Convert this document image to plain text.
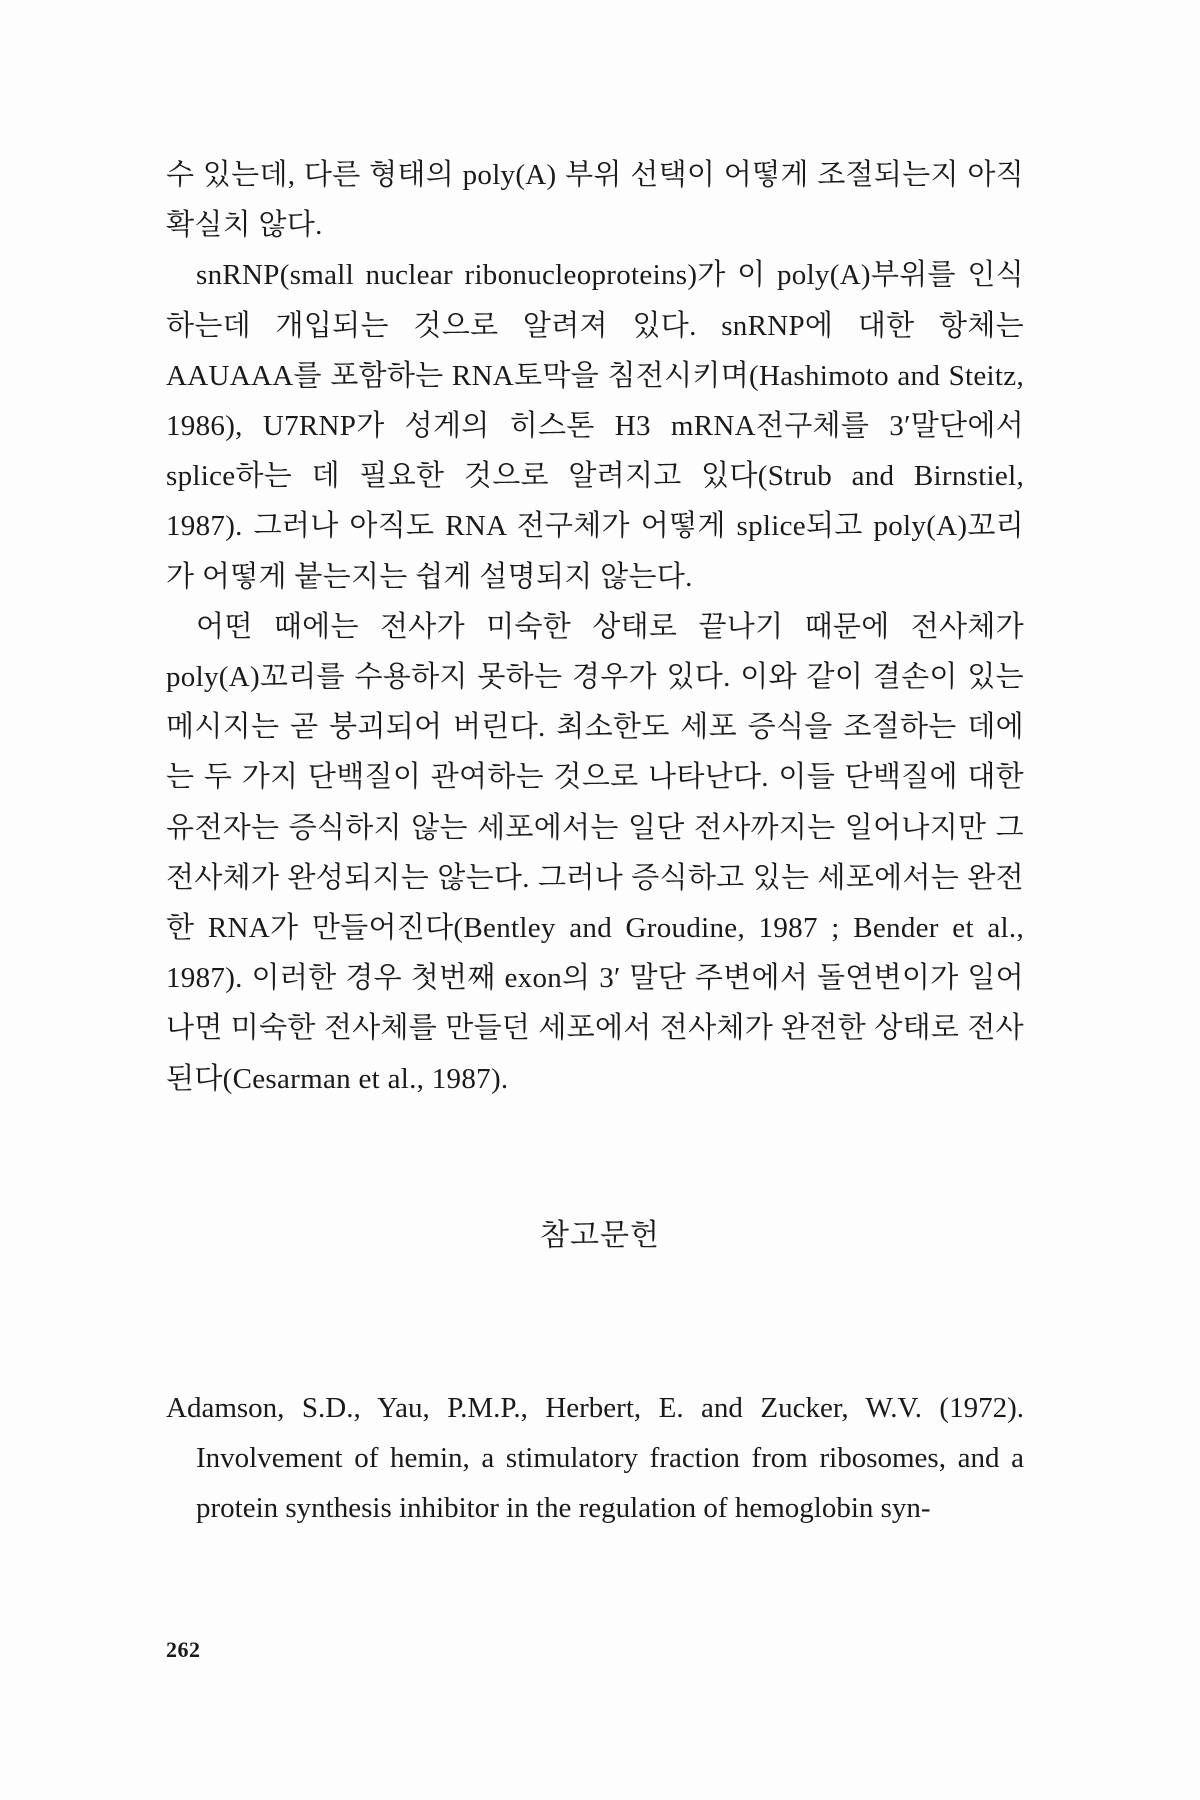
수 있는데, 다른 형태의 poly(A) 부위 선택이 어떻게 조절되는지 아직 확실치 않다.

snRNP(small nuclear ribonucleoproteins)가 이 poly(A)부위를 인식하는데 개입되는 것으로 알려져 있다. snRNP에 대한 항체는 AAUAAA를 포함하는 RNA토막을 침전시키며(Hashimoto and Steitz, 1986), U7RNP가 성게의 히스톤 H3 mRNA전구체를 3′말단에서 splice하는 데 필요한 것으로 알려지고 있다(Strub and Birnstiel, 1987). 그러나 아직도 RNA 전구체가 어떻게 splice되고 poly(A)꼬리가 어떻게 붙는지는 쉽게 설명되지 않는다.

어떤 때에는 전사가 미숙한 상태로 끝나기 때문에 전사체가 poly(A)꼬리를 수용하지 못하는 경우가 있다. 이와 같이 결손이 있는 메시지는 곧 붕괴되어 버린다. 최소한도 세포 증식을 조절하는 데에는 두 가지 단백질이 관여하는 것으로 나타난다. 이들 단백질에 대한 유전자는 증식하지 않는 세포에서는 일단 전사까지는 일어나지만 그 전사체가 완성되지는 않는다. 그러나 증식하고 있는 세포에서는 완전한 RNA가 만들어진다(Bentley and Groudine, 1987 ; Bender et al., 1987). 이러한 경우 첫번째 exon의 3′ 말단 주변에서 돌연변이가 일어나면 미숙한 전사체를 만들던 세포에서 전사체가 완전한 상태로 전사된다(Cesarman et al., 1987).

참고문헌

Adamson, S.D., Yau, P.M.P., Herbert, E. and Zucker, W.V. (1972). Involvement of hemin, a stimulatory fraction from ribosomes, and a protein synthesis inhibitor in the regulation of hemoglobin syn-

262
